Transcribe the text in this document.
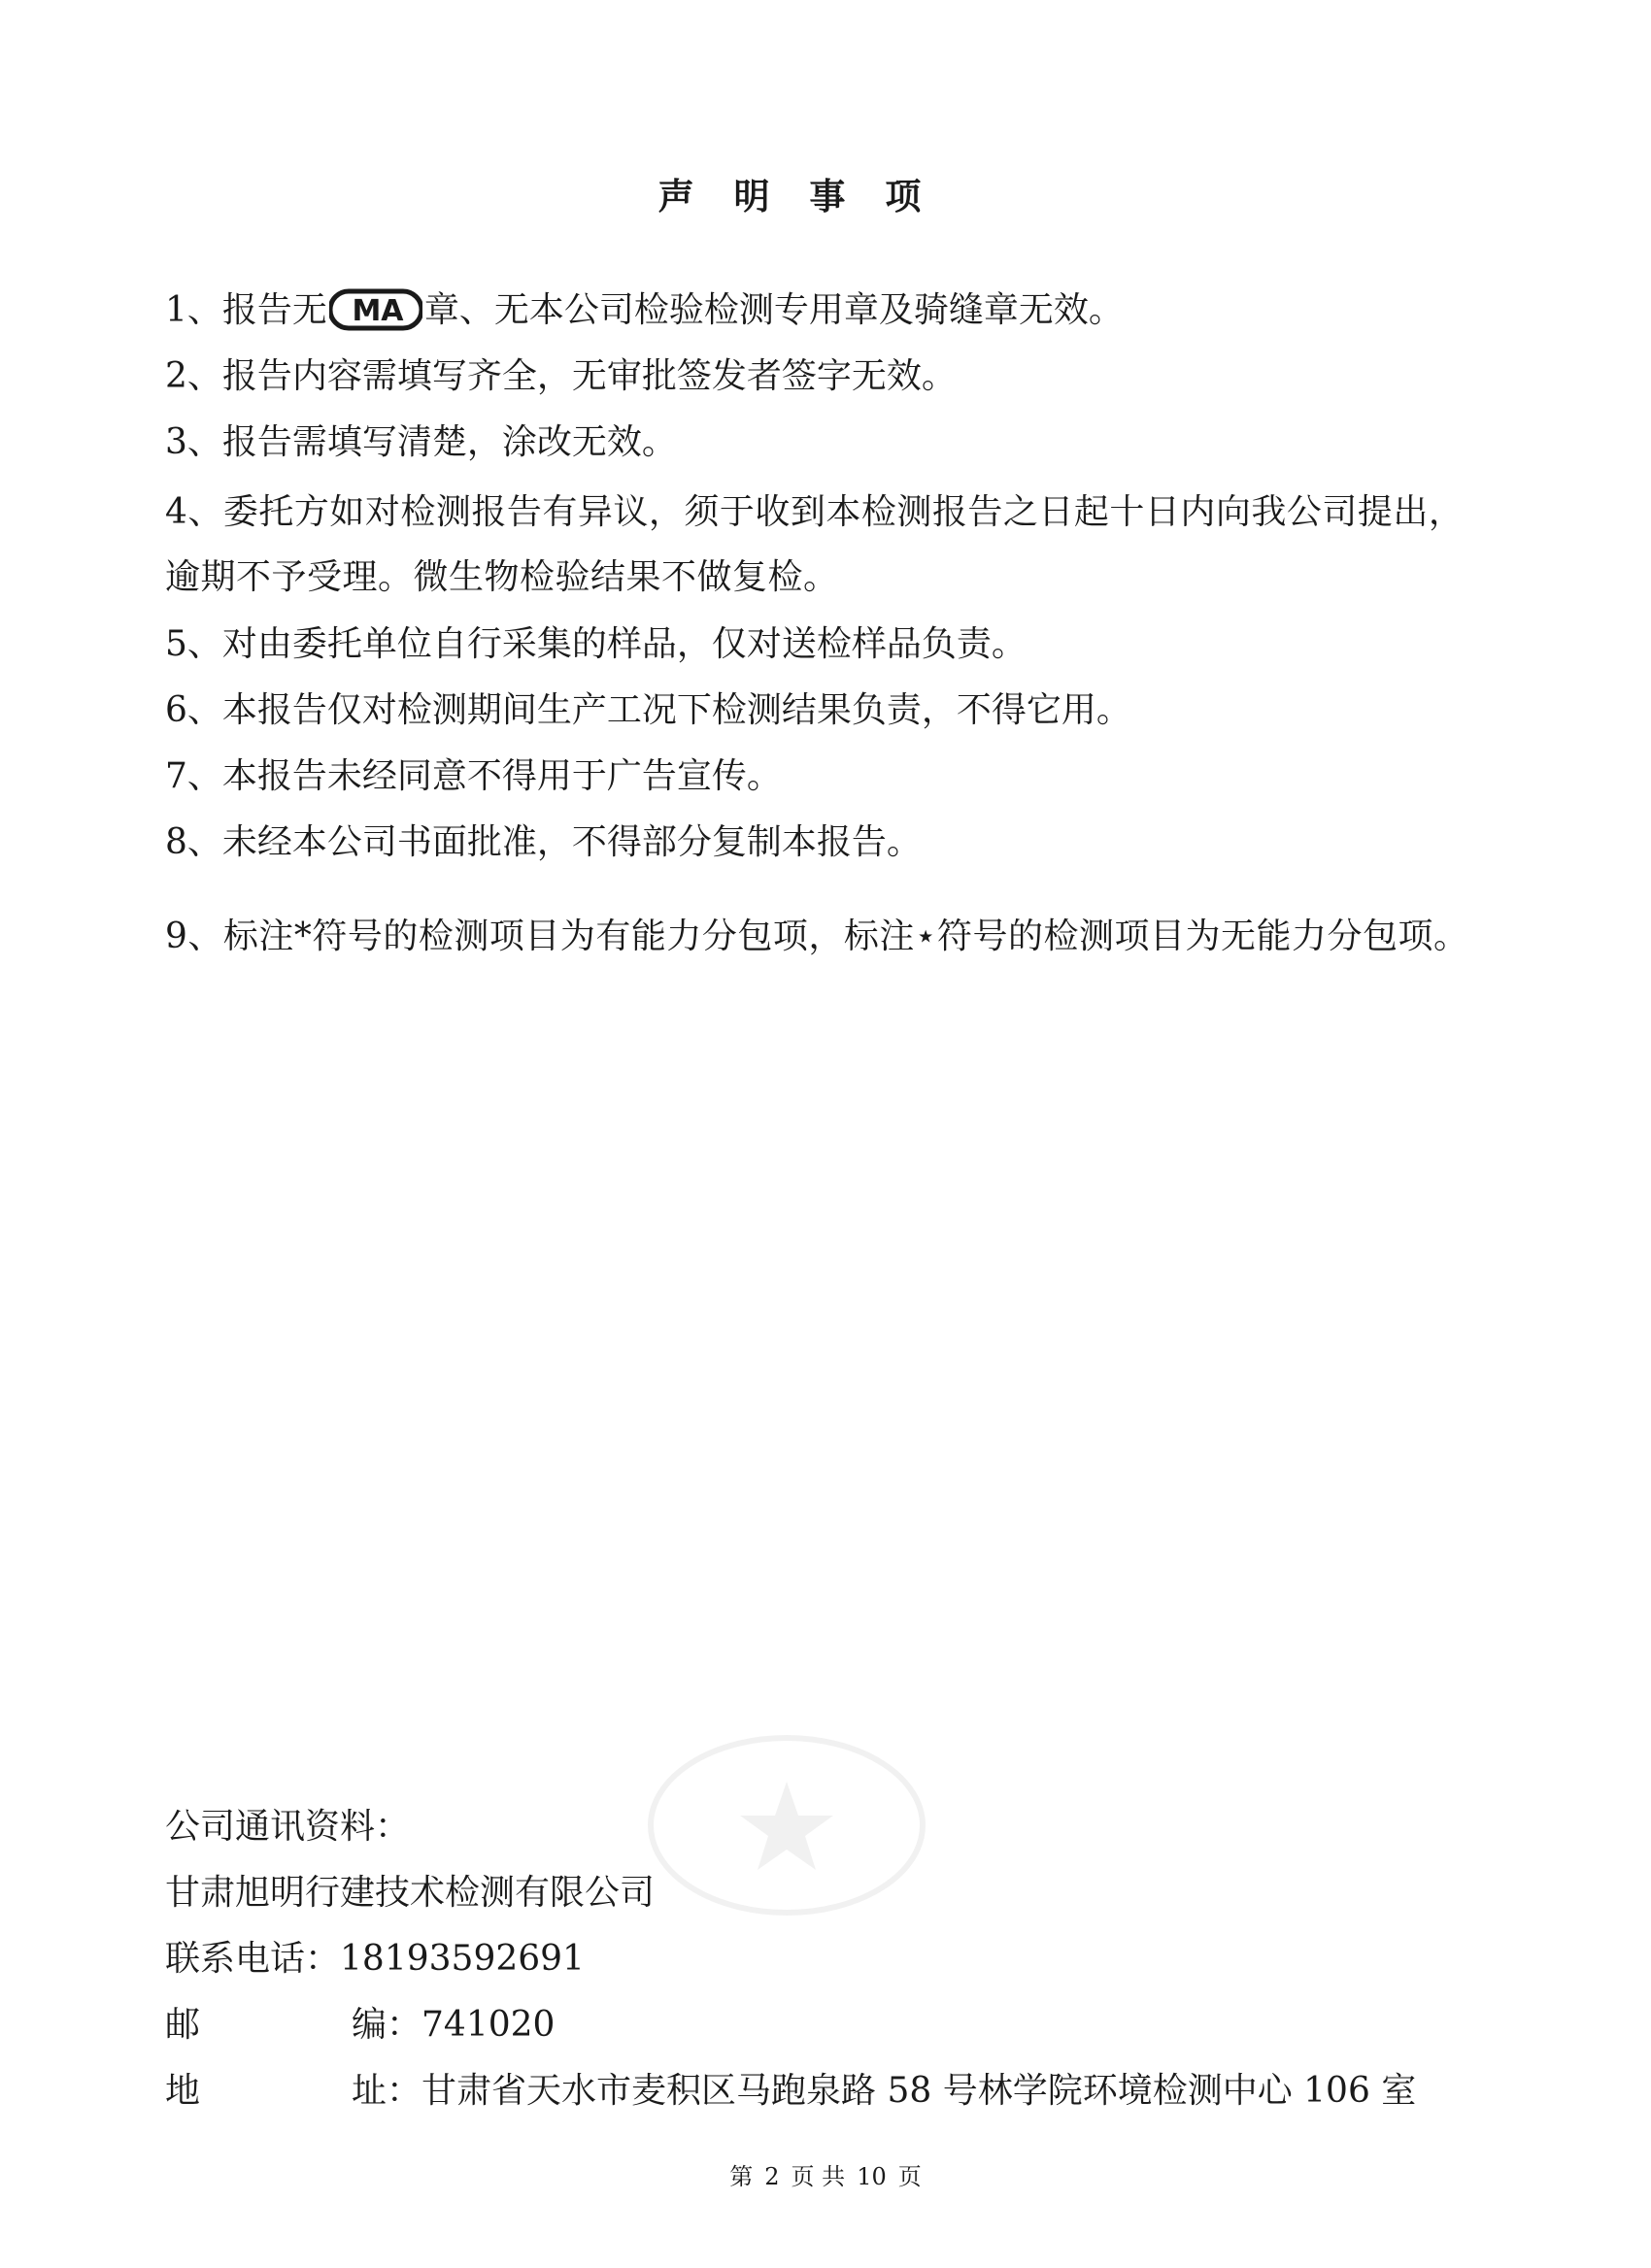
声 明 事 项
1、报告无 MA 章、无本公司检验检测专用章及骑缝章无效。
2、报告内容需填写齐全，无审批签发者签字无效。
3、报告需填写清楚，涂改无效。
4、委托方如对检测报告有异议，须于收到本检测报告之日起十日内向我公司提出，逾期不予受理。微生物检验结果不做复检。
5、对由委托单位自行采集的样品，仅对送检样品负责。
6、本报告仅对检测期间生产工况下检测结果负责，不得它用。
7、本报告未经同意不得用于广告宣传。
8、未经本公司书面批准，不得部分复制本报告。
9、标注*符号的检测项目为有能力分包项，标注⋆符号的检测项目为无能力分包项。
公司通讯资料：
甘肃旭明行建技术检测有限公司
联系电话：18193592691
邮	编：741020
地	址：甘肃省天水市麦积区马跑泉路 58 号林学院环境检测中心 106 室
第 2 页 共 10 页
